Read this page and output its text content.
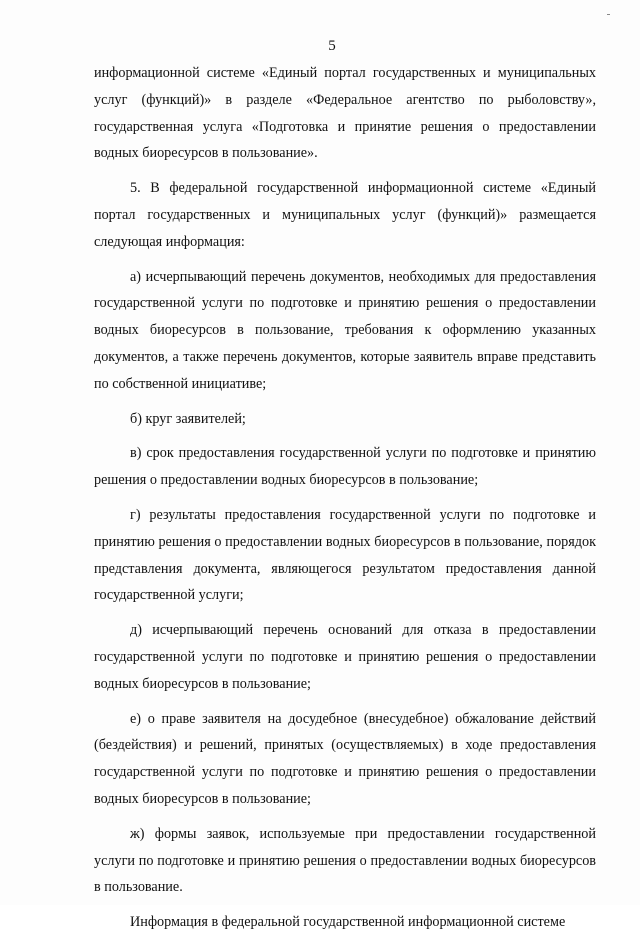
5

информационной системе «Единый портал государственных и муниципальных услуг (функций)» в разделе «Федеральное агентство по рыболовству», государственная услуга «Подготовка и принятие решения о предоставлении водных биоресурсов в пользование».

5. В федеральной государственной информационной системе «Единый портал государственных и муниципальных услуг (функций)» размещается следующая информация:

а) исчерпывающий перечень документов, необходимых для предоставления государственной услуги по подготовке и принятию решения о предоставлении водных биоресурсов в пользование, требования к оформлению указанных документов, а также перечень документов, которые заявитель вправе представить по собственной инициативе;

б) круг заявителей;

в) срок предоставления государственной услуги по подготовке и принятию решения о предоставлении водных биоресурсов в пользование;

г) результаты предоставления государственной услуги по подготовке и принятию решения о предоставлении водных биоресурсов в пользование, порядок представления документа, являющегося результатом предоставления данной государственной услуги;

д) исчерпывающий перечень оснований для отказа в предоставлении государственной услуги по подготовке и принятию решения о предоставлении водных биоресурсов в пользование;

е) о праве заявителя на досудебное (внесудебное) обжалование действий (бездействия) и решений, принятых (осуществляемых) в ходе предоставления государственной услуги по подготовке и принятию решения о предоставлении водных биоресурсов в пользование;

ж) формы заявок, используемые при предоставлении государственной услуги по подготовке и принятию решения о предоставлении водных биоресурсов в пользование.

Информация в федеральной государственной информационной системе
